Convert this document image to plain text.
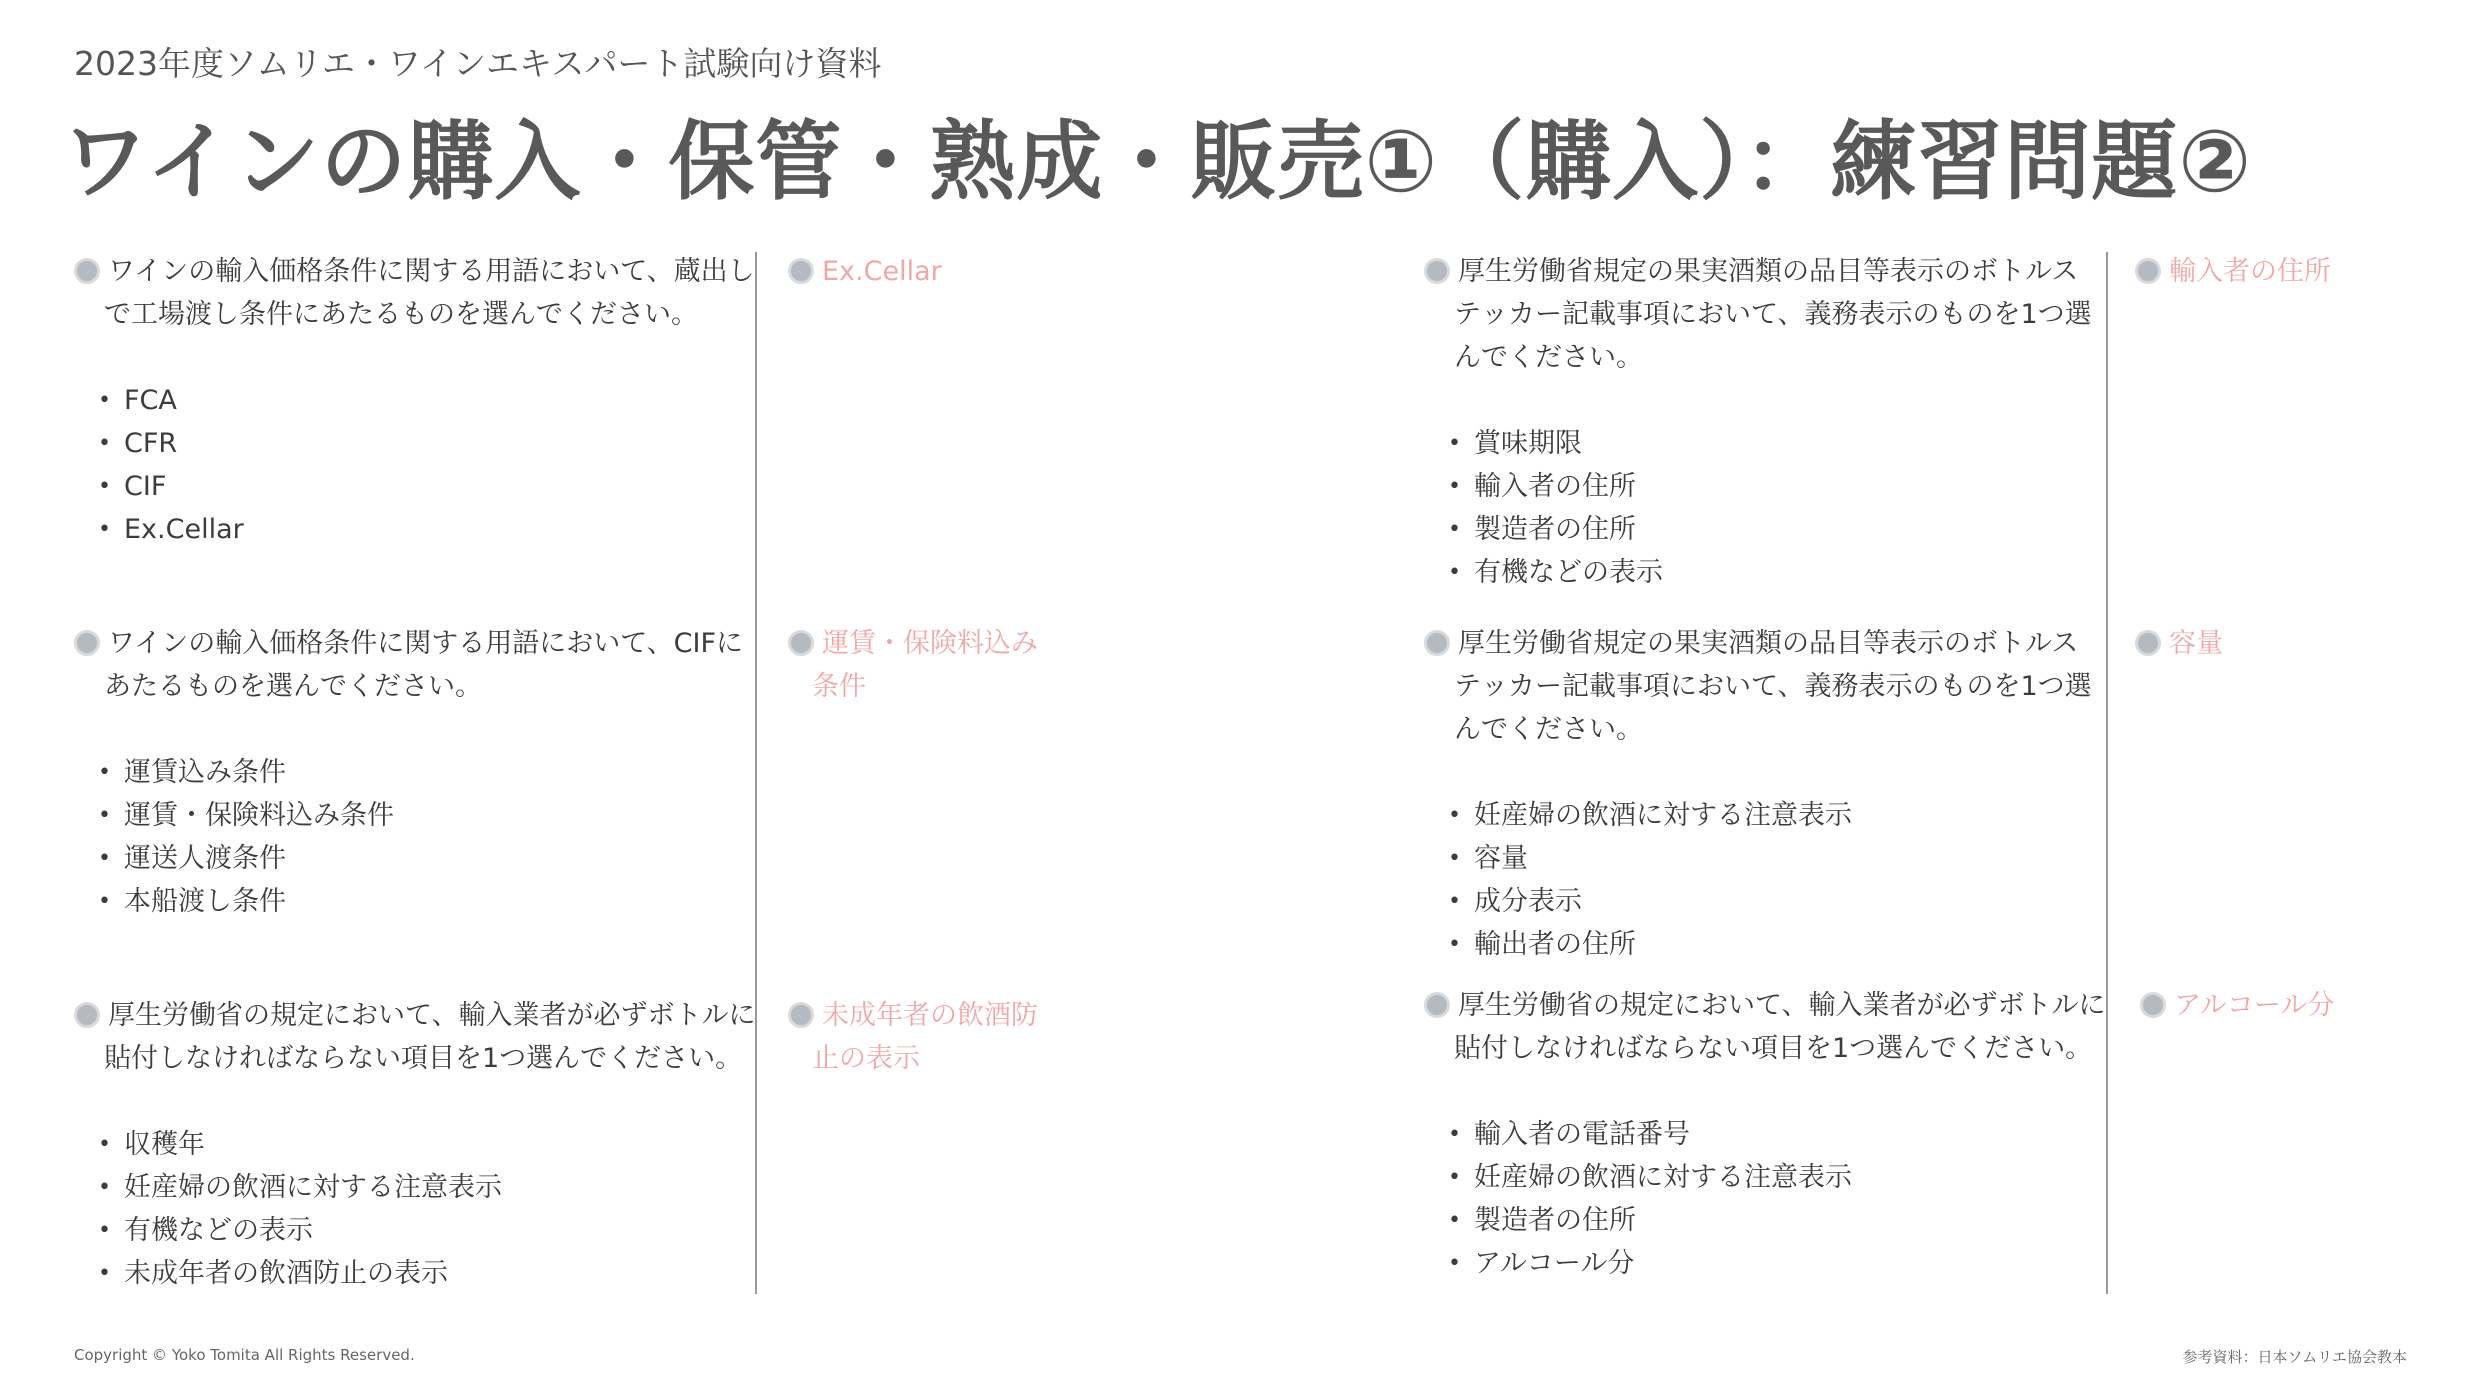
2023年度ソムリエ・ワインエキスパート試験向け資料
ワインの購入・保管・熟成・販売①（購入）：練習問題②
ワインの輸入価格条件に関する用語において、蔵出し
で工場渡し条件にあたるものを選んでください。
• FCA
• CFR
• CIF
• Ex.Cellar
Ex.Cellar
ワインの輸入価格条件に関する用語において、CIFに
あたるものを選んでください。
• 運賃込み条件
• 運賃・保険料込み条件
• 運送人渡条件
• 本船渡し条件
運賃・保険料込み
条件
厚生労働省の規定において、輸入業者が必ずボトルに
貼付しなければならない項目を1つ選んでください。
• 収穫年
• 妊産婦の飲酒に対する注意表示
• 有機などの表示
• 未成年者の飲酒防止の表示
未成年者の飲酒防
止の表示
厚生労働省規定の果実酒類の品目等表示のボトルス
テッカー記載事項において、義務表示のものを1つ選
んでください。
• 賞味期限
• 輸入者の住所
• 製造者の住所
• 有機などの表示
輸入者の住所
厚生労働省規定の果実酒類の品目等表示のボトルス
テッカー記載事項において、義務表示のものを1つ選
んでください。
• 妊産婦の飲酒に対する注意表示
• 容量
• 成分表示
• 輸出者の住所
容量
厚生労働省の規定において、輸入業者が必ずボトルに
貼付しなければならない項目を1つ選んでください。
• 輸入者の電話番号
• 妊産婦の飲酒に対する注意表示
• 製造者の住所
• アルコール分
アルコール分
Copyright © Yoko Tomita All Rights Reserved.	参考資料：日本ソムリエ協会教本
